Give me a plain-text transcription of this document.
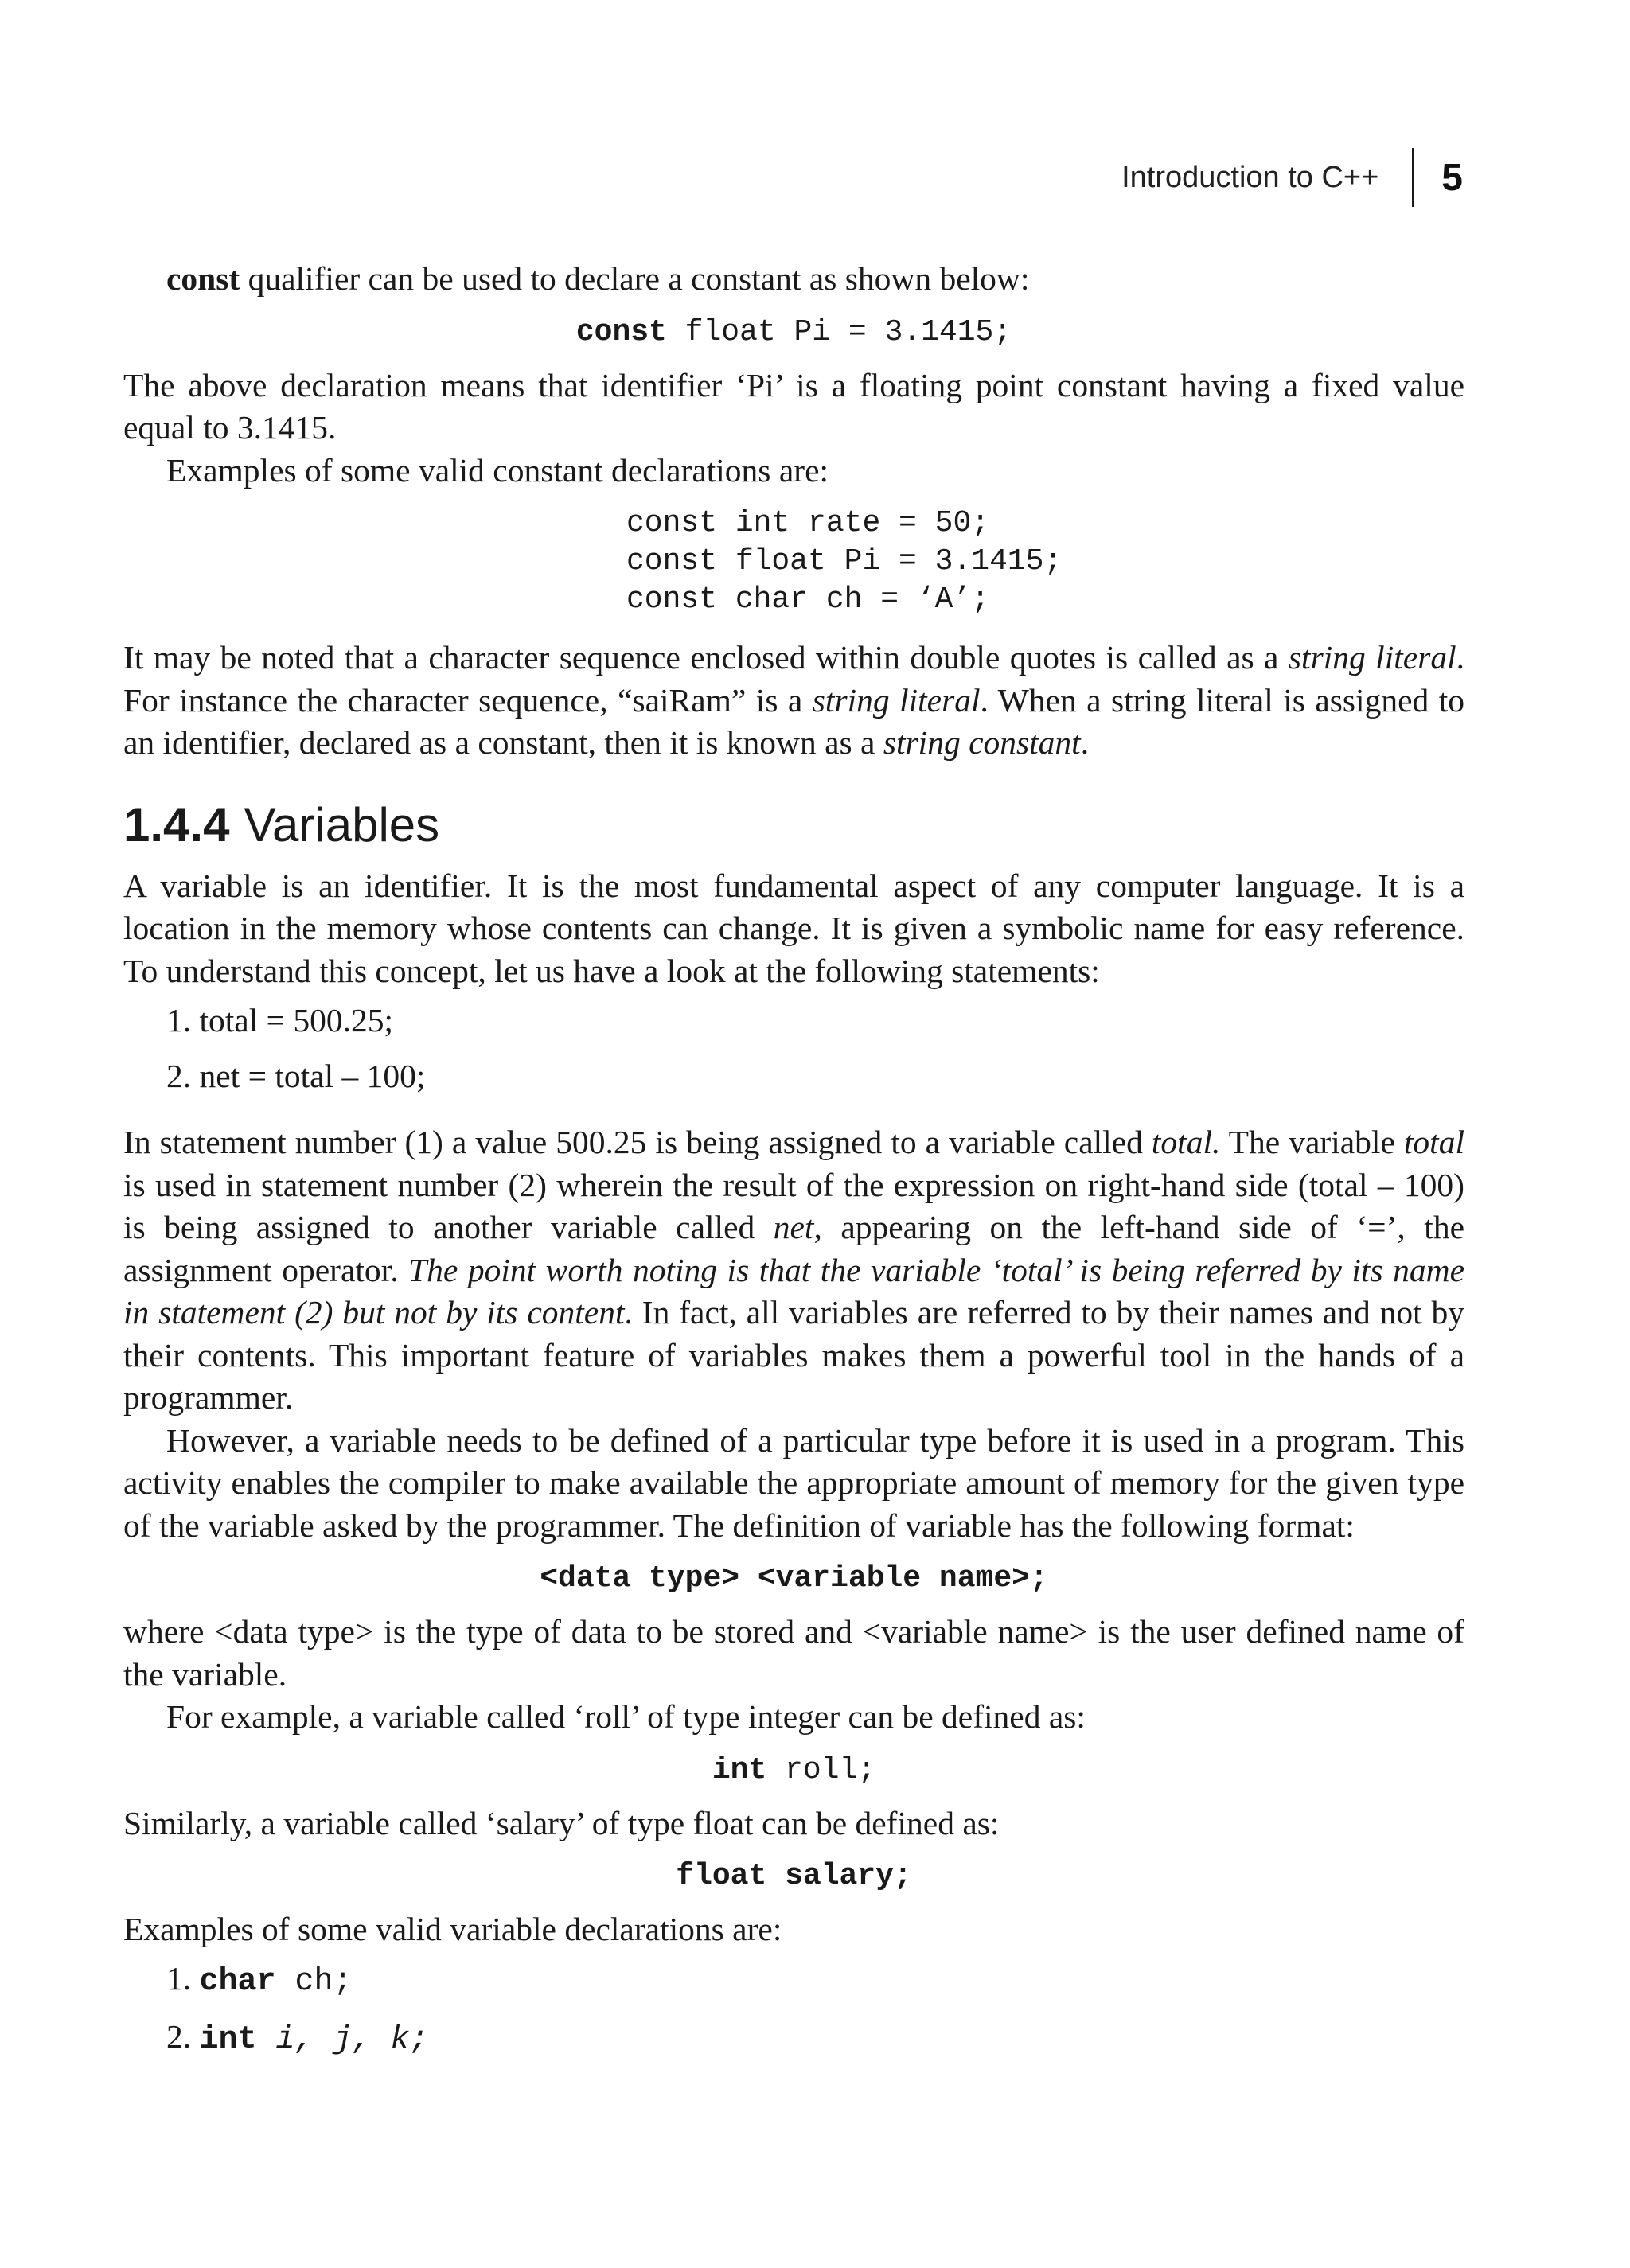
Introduction to C++ 5

const qualifier can be used to declare a constant as shown below:

const float Pi = 3.1415;

The above declaration means that identifier ‘Pi’ is a floating point constant having a fixed value equal to 3.1415.

Examples of some valid constant declarations are:

const int rate = 50;

const float Pi = 3.1415;

const char ch = ‘A’;

It may be noted that a character sequence enclosed within double quotes is called as a string literal. For instance the character sequence, “saiRam” is a string literal. When a string literal is assigned to an identifier, declared as a constant, then it is known as a string constant.

1.4.4 Variables

A variable is an identifier. It is the most fundamental aspect of any computer language. It is a location in the memory whose contents can change. It is given a symbolic name for easy reference. To understand this concept, let us have a look at the following statements:

1. total = 500.25;
2. net = total – 100;

In statement number (1) a value 500.25 is being assigned to a variable called total. The variable total is used in statement number (2) wherein the result of the expression on right-hand side (total – 100) is being assigned to another variable called net, appearing on the left-hand side of ‘=’, the assignment operator. The point worth noting is that the variable ‘total’ is being referred by its name in statement (2) but not by its content. In fact, all variables are referred to by their names and not by their contents. This important feature of variables makes them a powerful tool in the hands of a programmer.

However, a variable needs to be defined of a particular type before it is used in a program. This activity enables the compiler to make available the appropriate amount of memory for the given type of the variable asked by the programmer. The definition of variable has the following format:

<data type> <variable name>;

where <data type> is the type of data to be stored and <variable name> is the user defined name of the variable.

For example, a variable called ‘roll’ of type integer can be defined as:

int roll;

Similarly, a variable called ‘salary’ of type float can be defined as:

float salary;

Examples of some valid variable declarations are:

1. char ch;
2. int i, j, k;
